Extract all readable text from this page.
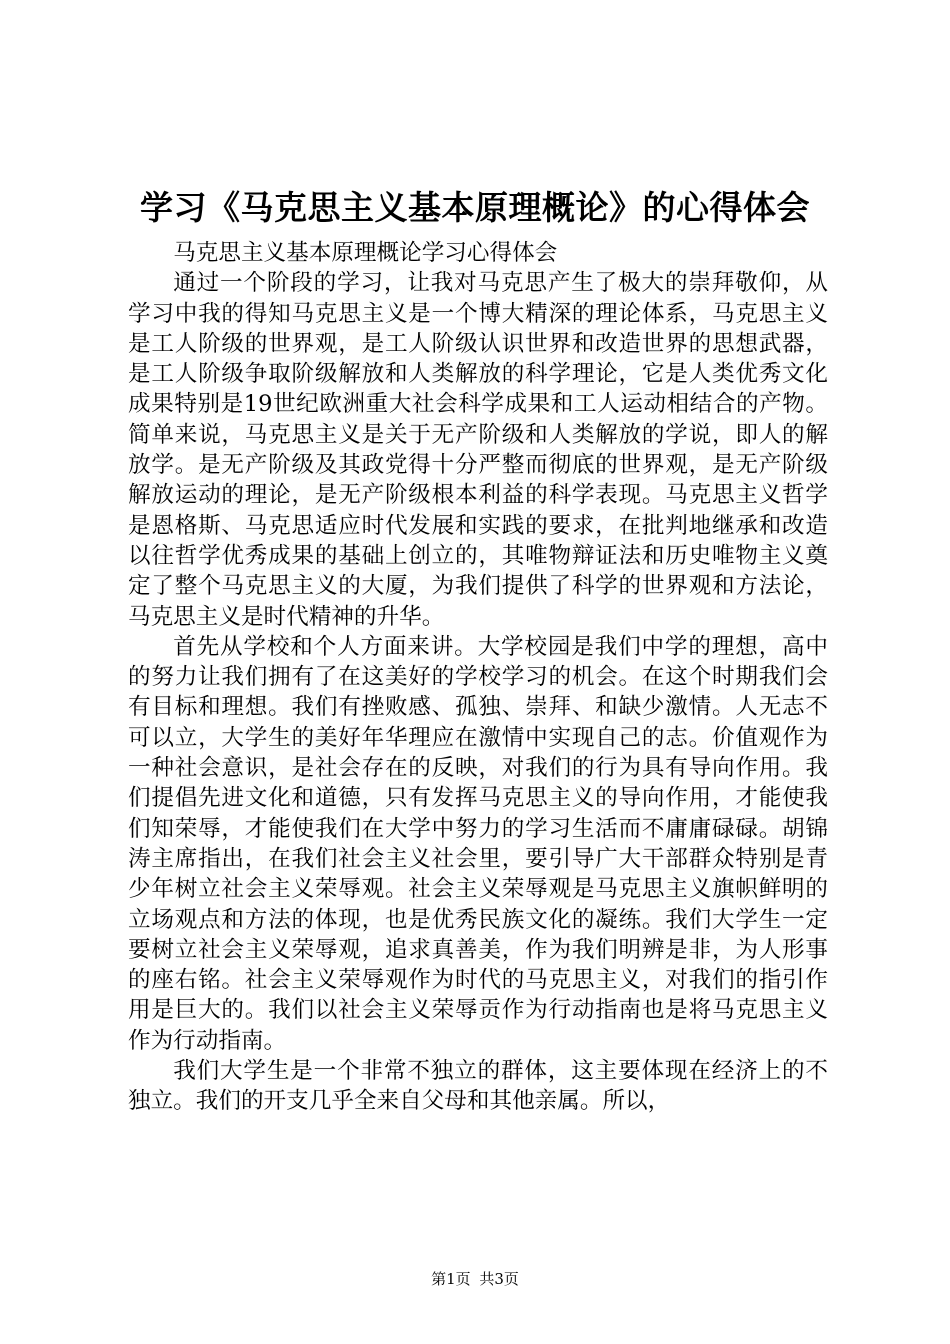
学习《马克思主义基本原理概论》的心得体会

马克思主义基本原理概论学习心得体会

通过一个阶段的学习，让我对马克思产生了极大的崇拜敬仰，从学习中我的得知马克思主义是一个博大精深的理论体系，马克思主义是工人阶级的世界观，是工人阶级认识世界和改造世界的思想武器，是工人阶级争取阶级解放和人类解放的科学理论，它是人类优秀文化成果特别是19世纪欧洲重大社会科学成果和工人运动相结合的产物。简单来说，马克思主义是关于无产阶级和人类解放的学说，即人的解放学。是无产阶级及其政党得十分严整而彻底的世界观，是无产阶级解放运动的理论，是无产阶级根本利益的科学表现。马克思主义哲学是恩格斯、马克思适应时代发展和实践的要求，在批判地继承和改造以往哲学优秀成果的基础上创立的，其唯物辩证法和历史唯物主义奠定了整个马克思主义的大厦，为我们提供了科学的世界观和方法论，马克思主义是时代精神的升华。

首先从学校和个人方面来讲。大学校园是我们中学的理想，高中的努力让我们拥有了在这美好的学校学习的机会。在这个时期我们会有目标和理想。我们有挫败感、孤独、崇拜、和缺少激情。人无志不可以立，大学生的美好年华理应在激情中实现自己的志。价值观作为一种社会意识，是社会存在的反映，对我们的行为具有导向作用。我们提倡先进文化和道德，只有发挥马克思主义的导向作用，才能使我们知荣辱，才能使我们在大学中努力的学习生活而不庸庸碌碌。胡锦涛主席指出，在我们社会主义社会里，要引导广大干部群众特别是青少年树立社会主义荣辱观。社会主义荣辱观是马克思主义旗帜鲜明的立场观点和方法的体现，也是优秀民族文化的凝练。我们大学生一定要树立社会主义荣辱观，追求真善美，作为我们明辨是非，为人形事的座右铭。社会主义荣辱观作为时代的马克思主义，对我们的指引作用是巨大的。我们以社会主义荣辱贡作为行动指南也是将马克思主义作为行动指南。

我们大学生是一个非常不独立的群体，这主要体现在经济上的不独立。我们的开支几乎全来自父母和其他亲属。所以，

第1页 共3页
